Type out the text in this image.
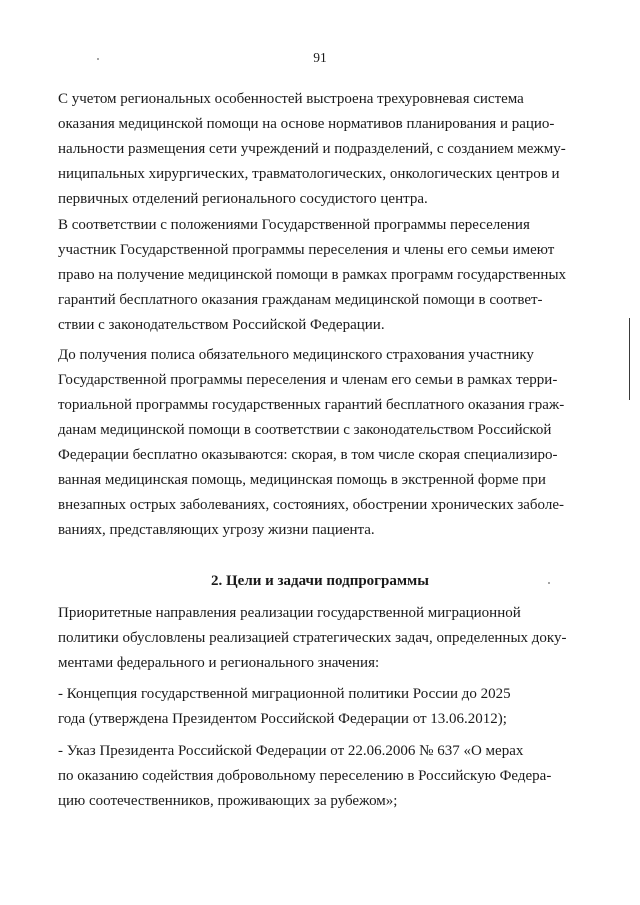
91

С учетом региональных особенностей выстроена трехуровневая система
оказания медицинской помощи на основе нормативов планирования и рацио-
нальности размещения сети учреждений и подразделений, с созданием межму-
ниципальных хирургических, травматологических, онкологических центров и
первичных отделений регионального сосудистого центра.

В соответствии с положениями Государственной программы переселения
участник Государственной программы переселения и члены его семьи имеют
право на получение медицинской помощи в рамках программ государственных
гарантий бесплатного оказания гражданам медицинской помощи в соответ-
ствии с законодательством Российской Федерации.

До получения полиса обязательного медицинского страхования участнику
Государственной программы переселения и членам его семьи в рамках терри-
ториальной программы государственных гарантий бесплатного оказания граж-
данам медицинской помощи в соответствии с законодательством Российской
Федерации бесплатно оказываются: скорая, в том числе скорая специализиро-
ванная медицинская помощь, медицинская помощь в экстренной форме при
внезапных острых заболеваниях, состояниях, обострении хронических заболе-
ваниях, представляющих угрозу жизни пациента.

2. Цели и задачи подпрограммы

Приоритетные направления реализации государственной миграционной
политики обусловлены реализацией стратегических задач, определенных доку-
ментами федерального и регионального значения:

- Концепция государственной миграционной политики России до 2025
года (утверждена Президентом Российской Федерации от 13.06.2012);

- Указ Президента Российской Федерации от 22.06.2006 № 637 «О мерах
по оказанию содействия добровольному переселению в Российскую Федера-
цию соотечественников, проживающих за рубежом»;
